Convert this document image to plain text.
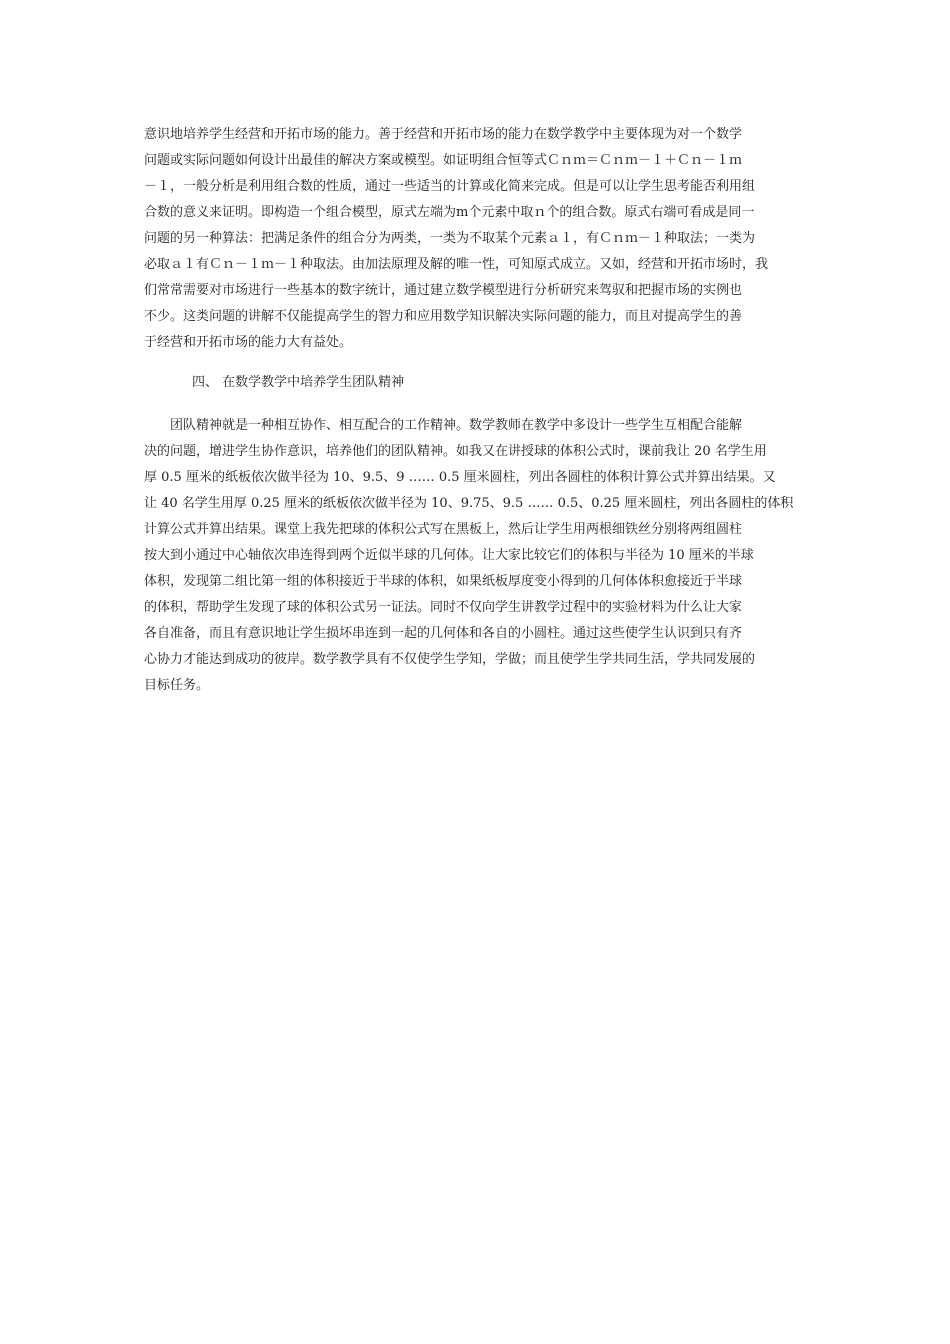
意识地培养学生经营和开拓市场的能力。善于经营和开拓市场的能力在数学教学中主要体现为对一个数学
问题或实际问题如何设计出最佳的解决方案或模型。如证明组合恒等式Ｃｎｍ＝Ｃｎｍ－１＋Ｃｎ－１ｍ
－１，一般分析是利用组合数的性质，通过一些适当的计算或化简来完成。但是可以让学生思考能否利用组
合数的意义来证明。即构造一个组合模型，原式左端为m个元素中取ｎ个的组合数。原式右端可看成是同一
问题的另一种算法：把满足条件的组合分为两类，一类为不取某个元素ａ１，有Ｃｎｍ－１种取法；一类为
必取ａ１有Ｃｎ－１ｍ－１种取法。由加法原理及解的唯一性，可知原式成立。又如，经营和开拓市场时，我
们常常需要对市场进行一些基本的数字统计，通过建立数学模型进行分析研究来驾驭和把握市场的实例也
不少。这类问题的讲解不仅能提高学生的智力和应用数学知识解决实际问题的能力，而且对提高学生的善
于经营和开拓市场的能力大有益处。
四、 在数学教学中培养学生团队精神
团队精神就是一种相互协作、相互配合的工作精神。数学教师在教学中多设计一些学生互相配合能解
决的问题，增进学生协作意识，培养他们的团队精神。如我又在讲授球的体积公式时，课前我让 20 名学生用
厚 0.5 厘米的纸板依次做半径为 10、9.5、9 …… 0.5 厘米圆柱，列出各圆柱的体积计算公式并算出结果。又
让 40 名学生用厚 0.25 厘米的纸板依次做半径为 10、9.75、9.5 …… 0.5、0.25 厘米圆柱，列出各圆柱的体积
计算公式并算出结果。课堂上我先把球的体积公式写在黑板上，然后让学生用两根细铁丝分别将两组圆柱
按大到小通过中心轴依次串连得到两个近似半球的几何体。让大家比较它们的体积与半径为 10 厘米的半球
体积，发现第二组比第一组的体积接近于半球的体积，如果纸板厚度变小得到的几何体体积愈接近于半球
的体积，帮助学生发现了球的体积公式另一证法。同时不仅向学生讲教学过程中的实验材料为什么让大家
各自准备，而且有意识地让学生损坏串连到一起的几何体和各自的小圆柱。通过这些使学生认识到只有齐
心协力才能达到成功的彼岸。数学教学具有不仅使学生学知，学做；而且使学生学共同生活，学共同发展的
目标任务。
